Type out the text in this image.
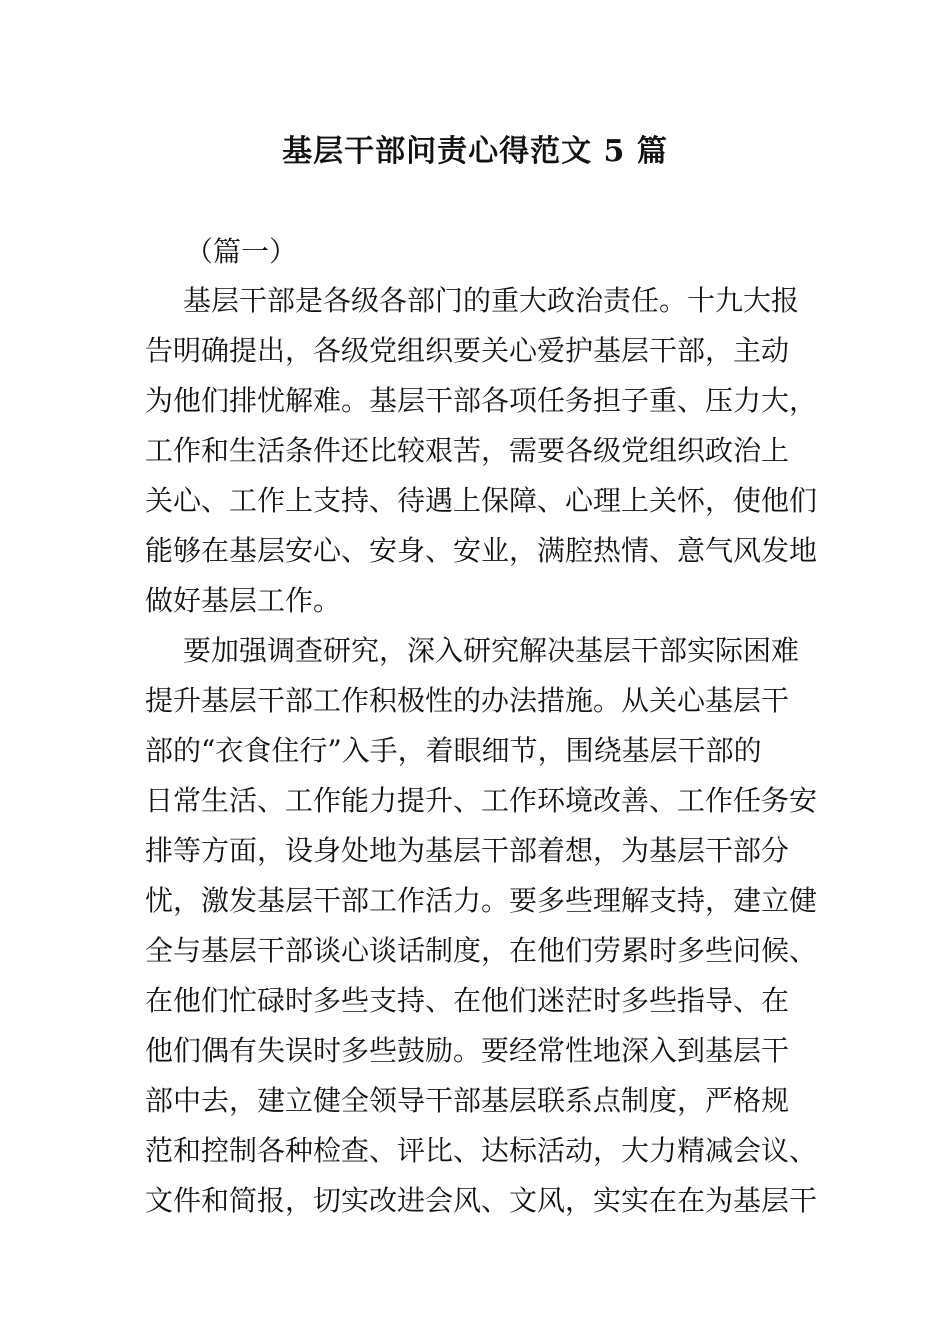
基层干部问责心得范文 5 篇

（篇一）

基层干部是各级各部门的重大政治责任。十九大报
告明确提出，各级党组织要关心爱护基层干部，主动
为他们排忧解难。基层干部各项任务担子重、压力大，
工作和生活条件还比较艰苦，需要各级党组织政治上
关心、工作上支持、待遇上保障、心理上关怀，使他们
能够在基层安心、安身、安业，满腔热情、意气风发地
做好基层工作。

要加强调查研究，深入研究解决基层干部实际困难
提升基层干部工作积极性的办法措施。从关心基层干
部的“衣食住行”入手，着眼细节，围绕基层干部的
日常生活、工作能力提升、工作环境改善、工作任务安
排等方面，设身处地为基层干部着想，为基层干部分
忧，激发基层干部工作活力。要多些理解支持，建立健
全与基层干部谈心谈话制度，在他们劳累时多些问候、
在他们忙碌时多些支持、在他们迷茫时多些指导、在
他们偶有失误时多些鼓励。要经常性地深入到基层干
部中去，建立健全领导干部基层联系点制度，严格规
范和控制各种检查、评比、达标活动，大力精减会议、
文件和简报，切实改进会风、文风，实实在在为基层干
